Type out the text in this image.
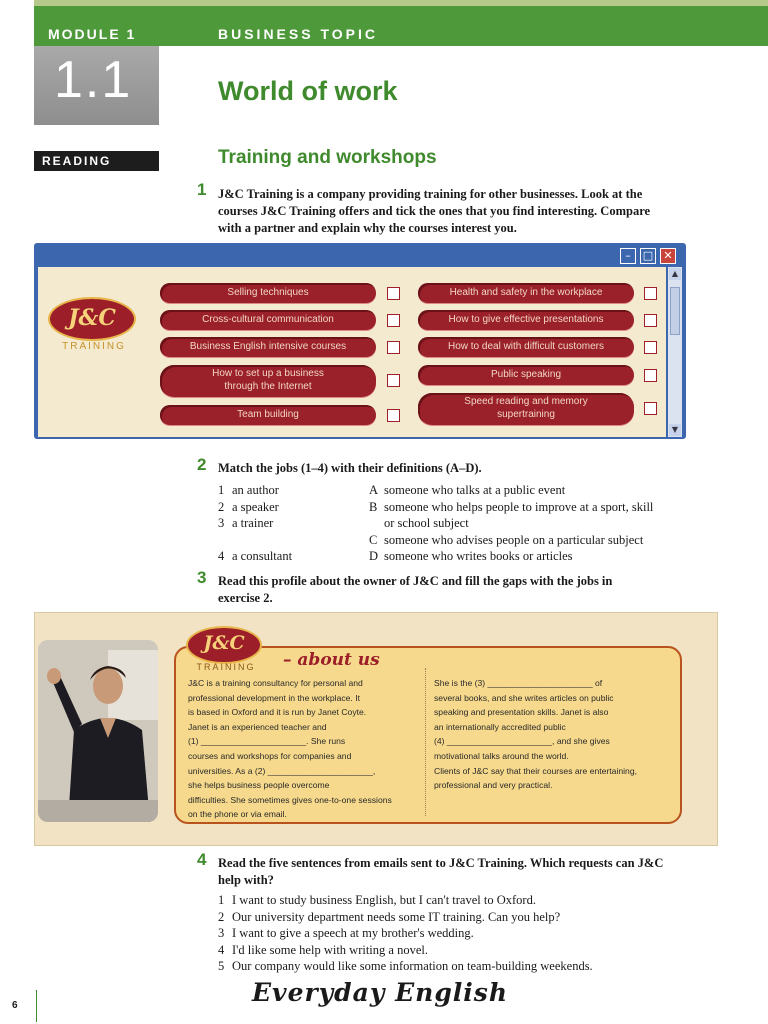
MODULE 1	BUSINESS TOPIC
1.1	World of work
READING	Training and workshops
1 J&C Training is a company providing training for other businesses. Look at the
courses J&C Training offers and tick the ones that you find interesting. Compare
with a partner and explain why the courses interest you.
–	□ ✕
J&C
TRAINING
Selling techniques
Cross-cultural communication
Business English intensive courses
How to set up a business
through the Internet
Team building
Health and safety in the workplace
How to give effective presentations
How to deal with difficult customers
Public speaking
Speed reading and memory
supertraining
▲
▼
2 Match the jobs (1–4) with their definitions (A–D).
1 an author
2 a speaker
3 a trainer
4 a consultant
A someone who talks at a public event
B someone who helps people to improve at a sport, skill
or school subject
C someone who advises people on a particular subject
D someone who writes books or articles
3 Read this profile about the owner of J&C and fill the gaps with the jobs in
exercise 2.
J&C is a training consultancy for personal and
professional development in the workplace. It
is based in Oxford and it is run by Janet Coyte.
Janet is an experienced teacher and
(1) ______________________. She runs
courses and workshops for companies and
universities. As a (2) ______________________,
she helps business people overcome
difficulties. She sometimes gives one-to-one sessions
on the phone or via email.
She is the (3) ______________________ of
several books, and she writes articles on public
speaking and presentation skills. Janet is also
an internationally accredited public
(4) ______________________, and she gives
motivational talks around the world.
Clients of J&C say that their courses are entertaining,
professional and very practical.
J&C
TRAINING – about us
4 Read the five sentences from emails sent to J&C Training. Which requests can J&C
help with?
1 I want to study business English, but I can't travel to Oxford.
2 Our university department needs some IT training. Can you help?
3 I want to give a speech at my brother's wedding.
4 I'd like some help with writing a novel.
5 Our company would like some information on team-building weekends.
Everyday English
6
